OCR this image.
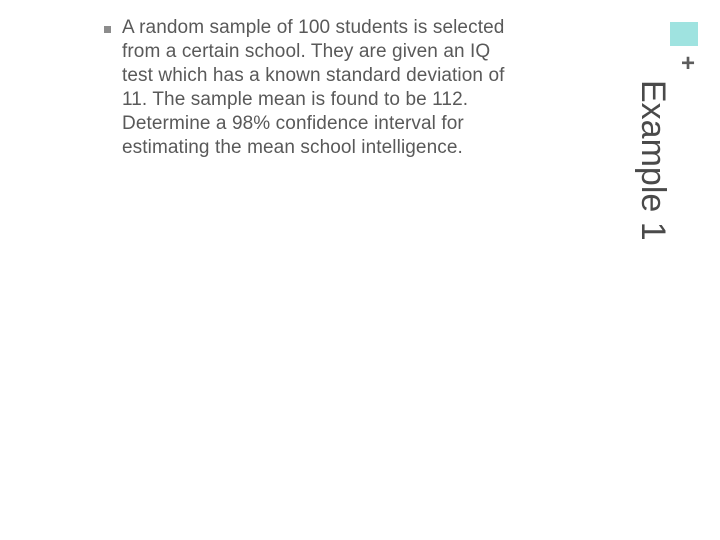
+
Example 1
A random sample of 100 students is selected from a certain school. They are given an IQ test which has a known standard deviation of 11. The sample mean is found to be 112. Determine a 98% confidence interval for estimating the mean school intelligence.
